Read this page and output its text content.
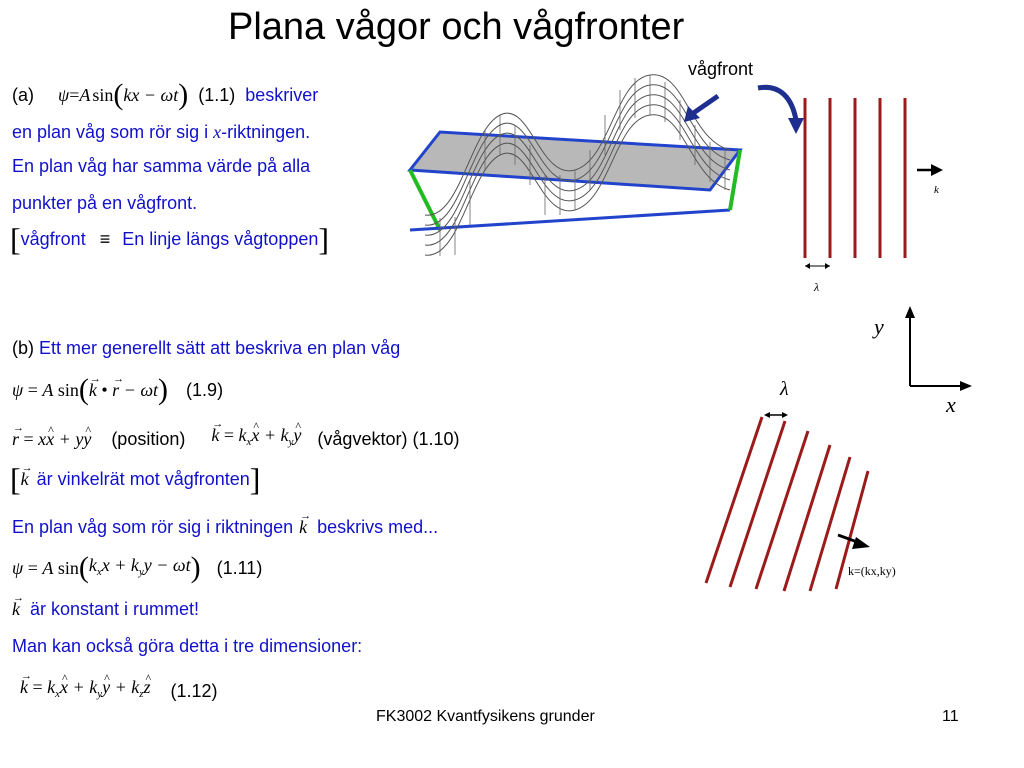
Plana vågor och vågfronter
(a) ψ = A sin ( kx − ωt ) (1.1) beskriver
en plan våg som rör sig i x-riktningen.
En plan våg har samma värde på alla
punkter på en vågfront.
[ vågfront ≡ En linje längs vågtoppen ]
vågfront
k
λ
y
x
λ
k=(kx,ky)
(b) Ett mer generellt sätt att beskriva en plan våg
ψ = A sin ( → k • → r − ωt ) (1.9)
→ r = x^ x + y^ y (position) → $k = k_x\^{}$ $x + k_y\^{}$ y (vågvektor) (1.10)
[ → k är vinkelrät mot vågfronten ]
En plan våg som rör sig i riktningen → k beskrivs med...
ψ = A sin ( $k_xx + k_yy - \omega t$ ) (1.11)
→ k är konstant i rummet!
Man kan också göra detta i tre dimensioner:
→ $k = k_x\^{}$ $x + k_y\^{}$ $y + k_z\^{}$ z (1.12)
FK3002 Kvantfysikens grunder	11
